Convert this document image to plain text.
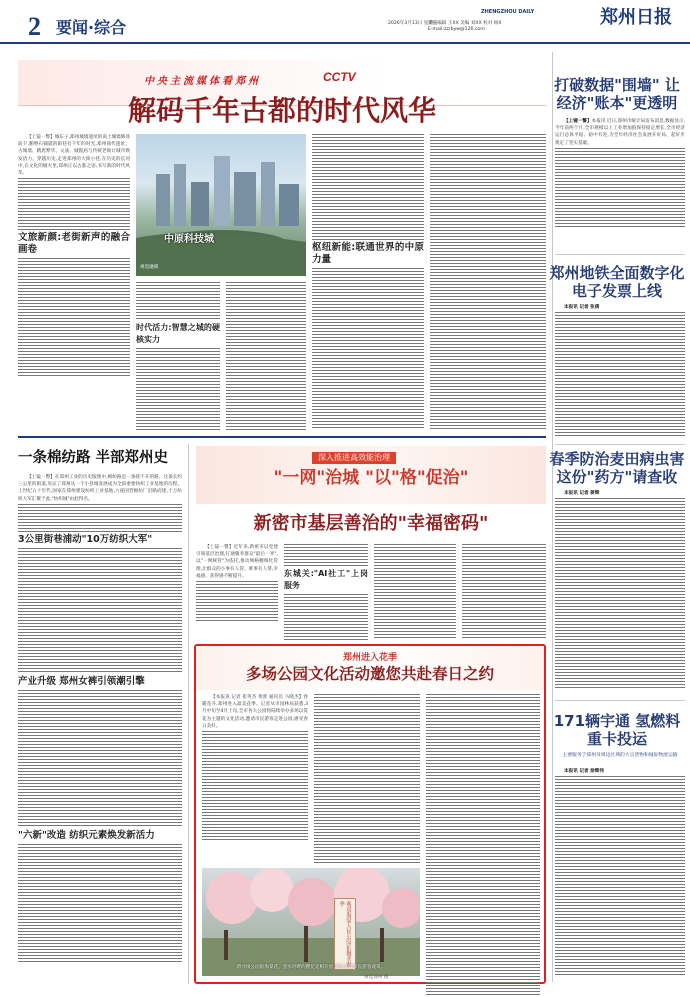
2 要闻·综合
ZHENGZHOU DAILY
2026年3月13日 星期五
责任编辑 王XX 美编 刘XX 校对 杨X
E-mail:zzrbyw@126.com
郑州日报
中央主流媒体看郑州	CCTV
解码千年古都的时代风华

【上镜一瞥】城东子,郑州城墙遗址的南上城墙修葺前夕,鹅卵石铺就的街巷有千年的时光,郑州商代遗址、古城墙、隋唐繁华、文庙、城隍庙与传统老街让城市焕发活力。穿越历史,走进郑州的大街小巷,在历史的长河中,在文化的烟火里,郑州正以古都之姿,书写新的时代风华。

文旅新颜:老街新声的融合画卷

中原科技城
视觉融媒

时代活力:智慧之城的硬核实力

枢纽新能:联通世界的中原力量

一条棉纺路 半部郑州史

【上镜一瞥】在郑州工业的历史版图中,棉纺路是一条绕不开的路。这条长约三公里的街道,见证了郑州从一个小县城发展成为全国重要纺织工业基地的历程。上世纪五十年代,国家在郑州建设纺织工业基地,六座国营棉纺厂沿路而建,十万纺织大军汇聚于此,"纺织城"由此得名。

3公里街巷浦动"10万纺织大军"

产业升级 郑州女裤引领潮引擎

"六新"改造 纺织元素焕发新活力

深入推进高效能治理
"一网"治城 "以"格"促治"
新密市基层善治的"幸福密码"

【上镜一瞥】近年来,新密市以党建引领基层治理,打通服务群众"最后一米",以"一网统管"为依托,推动网格精细化管理,让群众的小事有人管、难事有人帮,幸福感、获得感不断提升。	东城关:"AI社工"上岗服务

郑州进入花季
多场公园文化活动邀您共赴春日之约

【本报讯 记者 崔英杰 黄蕾 通讯员 马晓杰】春暖花开,郑州进入最美花季。记者从市园林局获悉,3月中旬至4月上旬,全市各大公园将陆续举办多场以赏花为主题的文化活动,邀请市民游客走进公园,感受春日美好。

观赏海棠人民公园拍摄美春季
碧沙岗公园的海棠花、金水河畔的樱花竞相开放,吸引众多市民游客观赏。
视觉郑州 摄
打破数据"围墙" 让经济"账本"更透明

【上镜一瞥】本报讯 近日,郑州市统计局发布消息,数据显示,今年前两个月,全市规模以上工业增加值保持稳定增长,全市经济运行总体平稳、稳中有进,为全年经济社会发展开好局、起好步奠定了坚实基础。

郑州地铁全面数字化 电子发票上线

本报讯 记者 张倩

春季防治麦田病虫害 这份"药方"请查收

本报讯 记者 蒋辉

171辆宇通 氢燃料重卡投运
主要服务于郑州及周边区域的大宗货物和城际物流运输

本报讯 记者 徐辉伟
